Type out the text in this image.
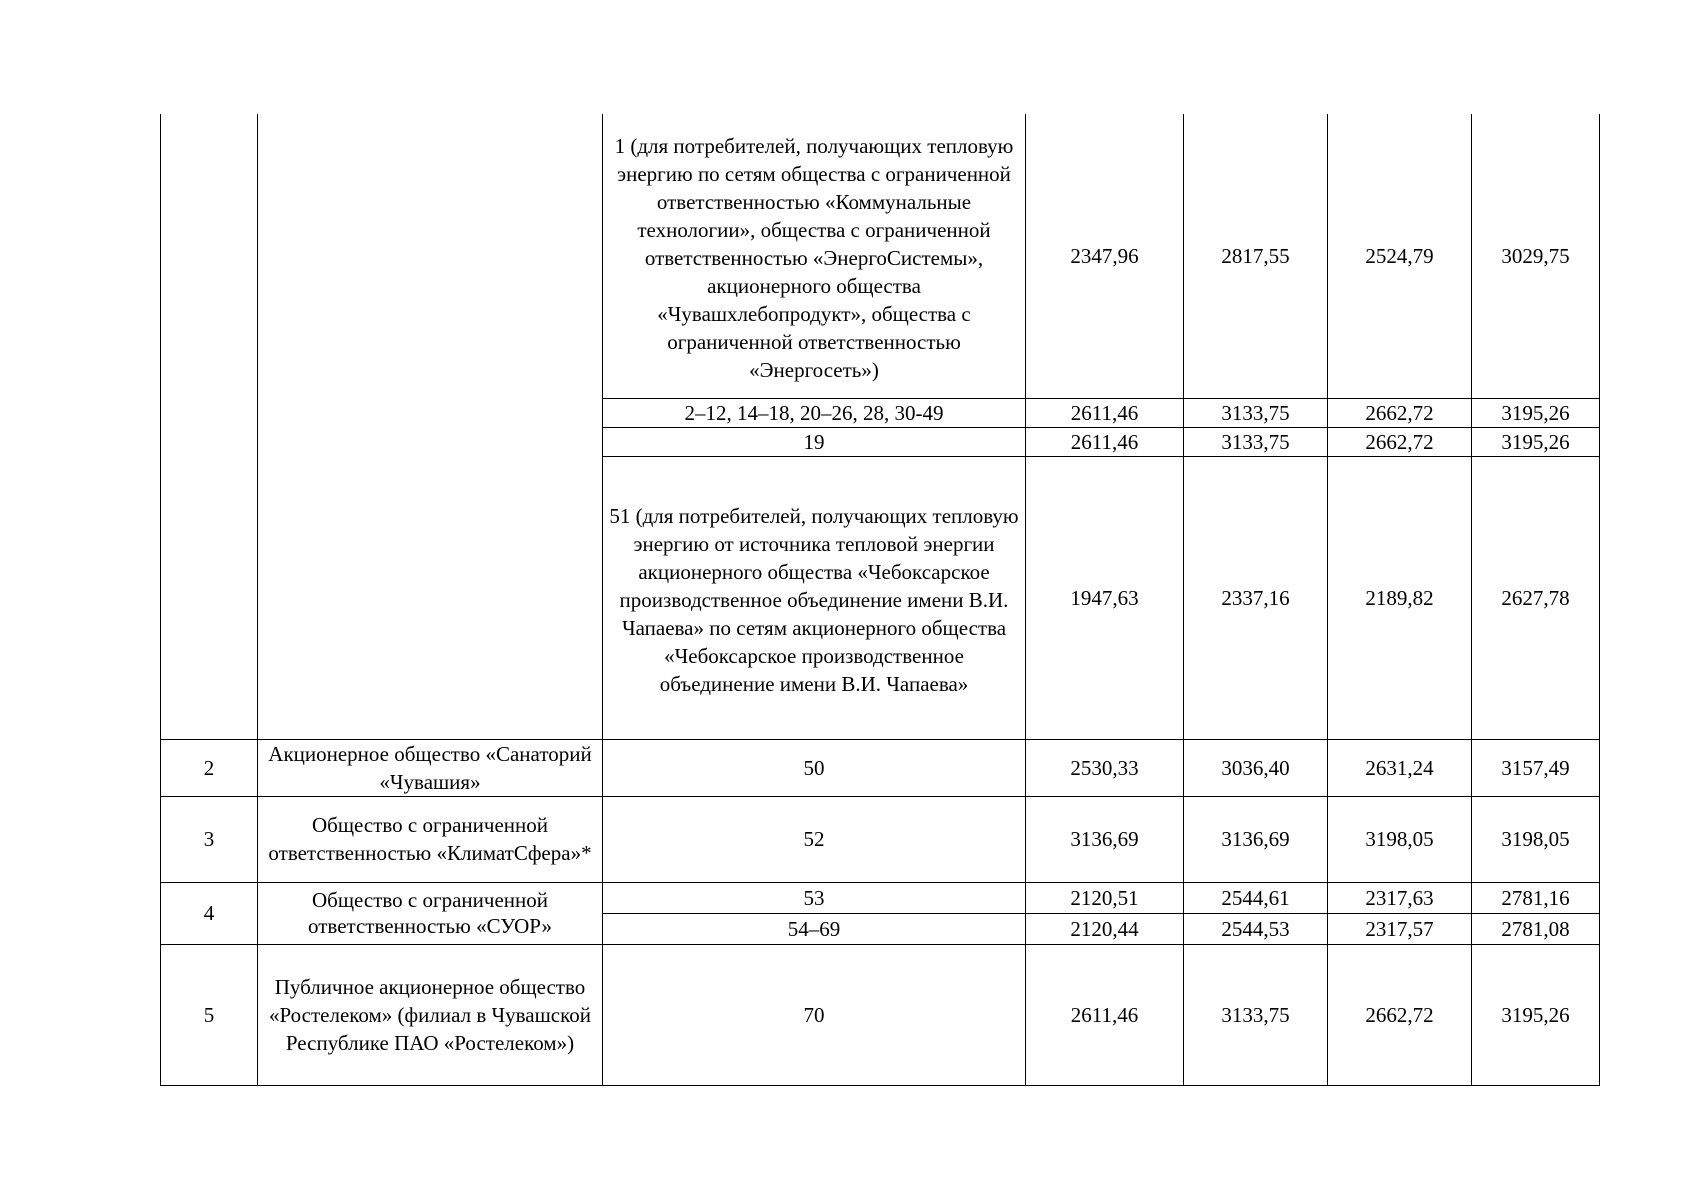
		1 (для потребителей, получающих тепловую энергию по сетям общества с ограниченной ответственностью «Коммунальные технологии», общества с ограниченной ответственностью «ЭнергоСистемы», акционерного общества «Чувашхлебопродукт», общества с ограниченной ответственностью «Энергосеть»)	2347,96	2817,55	2524,79	3029,75
		2–12, 14–18, 20–26, 28, 30-49	2611,46	3133,75	2662,72	3195,26
		19	2611,46	3133,75	2662,72	3195,26
		51 (для потребителей, получающих тепловую энергию от источника тепловой энергии акционерного общества «Чебоксарское производственное объединение имени В.И. Чапаева» по сетям акционерного общества «Чебоксарское производственное объединение имени В.И. Чапаева»	1947,63	2337,16	2189,82	2627,78
2	Акционерное общество «Санаторий «Чувашия»	50	2530,33	3036,40	2631,24	3157,49
3	Общество с ограниченной ответственностью «КлиматСфера»*	52	3136,69	3136,69	3198,05	3198,05
4	Общество с ограниченной ответственностью «СУОР»	53	2120,51	2544,61	2317,63	2781,16
		54–69	2120,44	2544,53	2317,57	2781,08
5	Публичное акционерное общество «Ростелеком» (филиал в Чувашской Республике ПАО «Ростелеком»)	70	2611,46	3133,75	2662,72	3195,26
